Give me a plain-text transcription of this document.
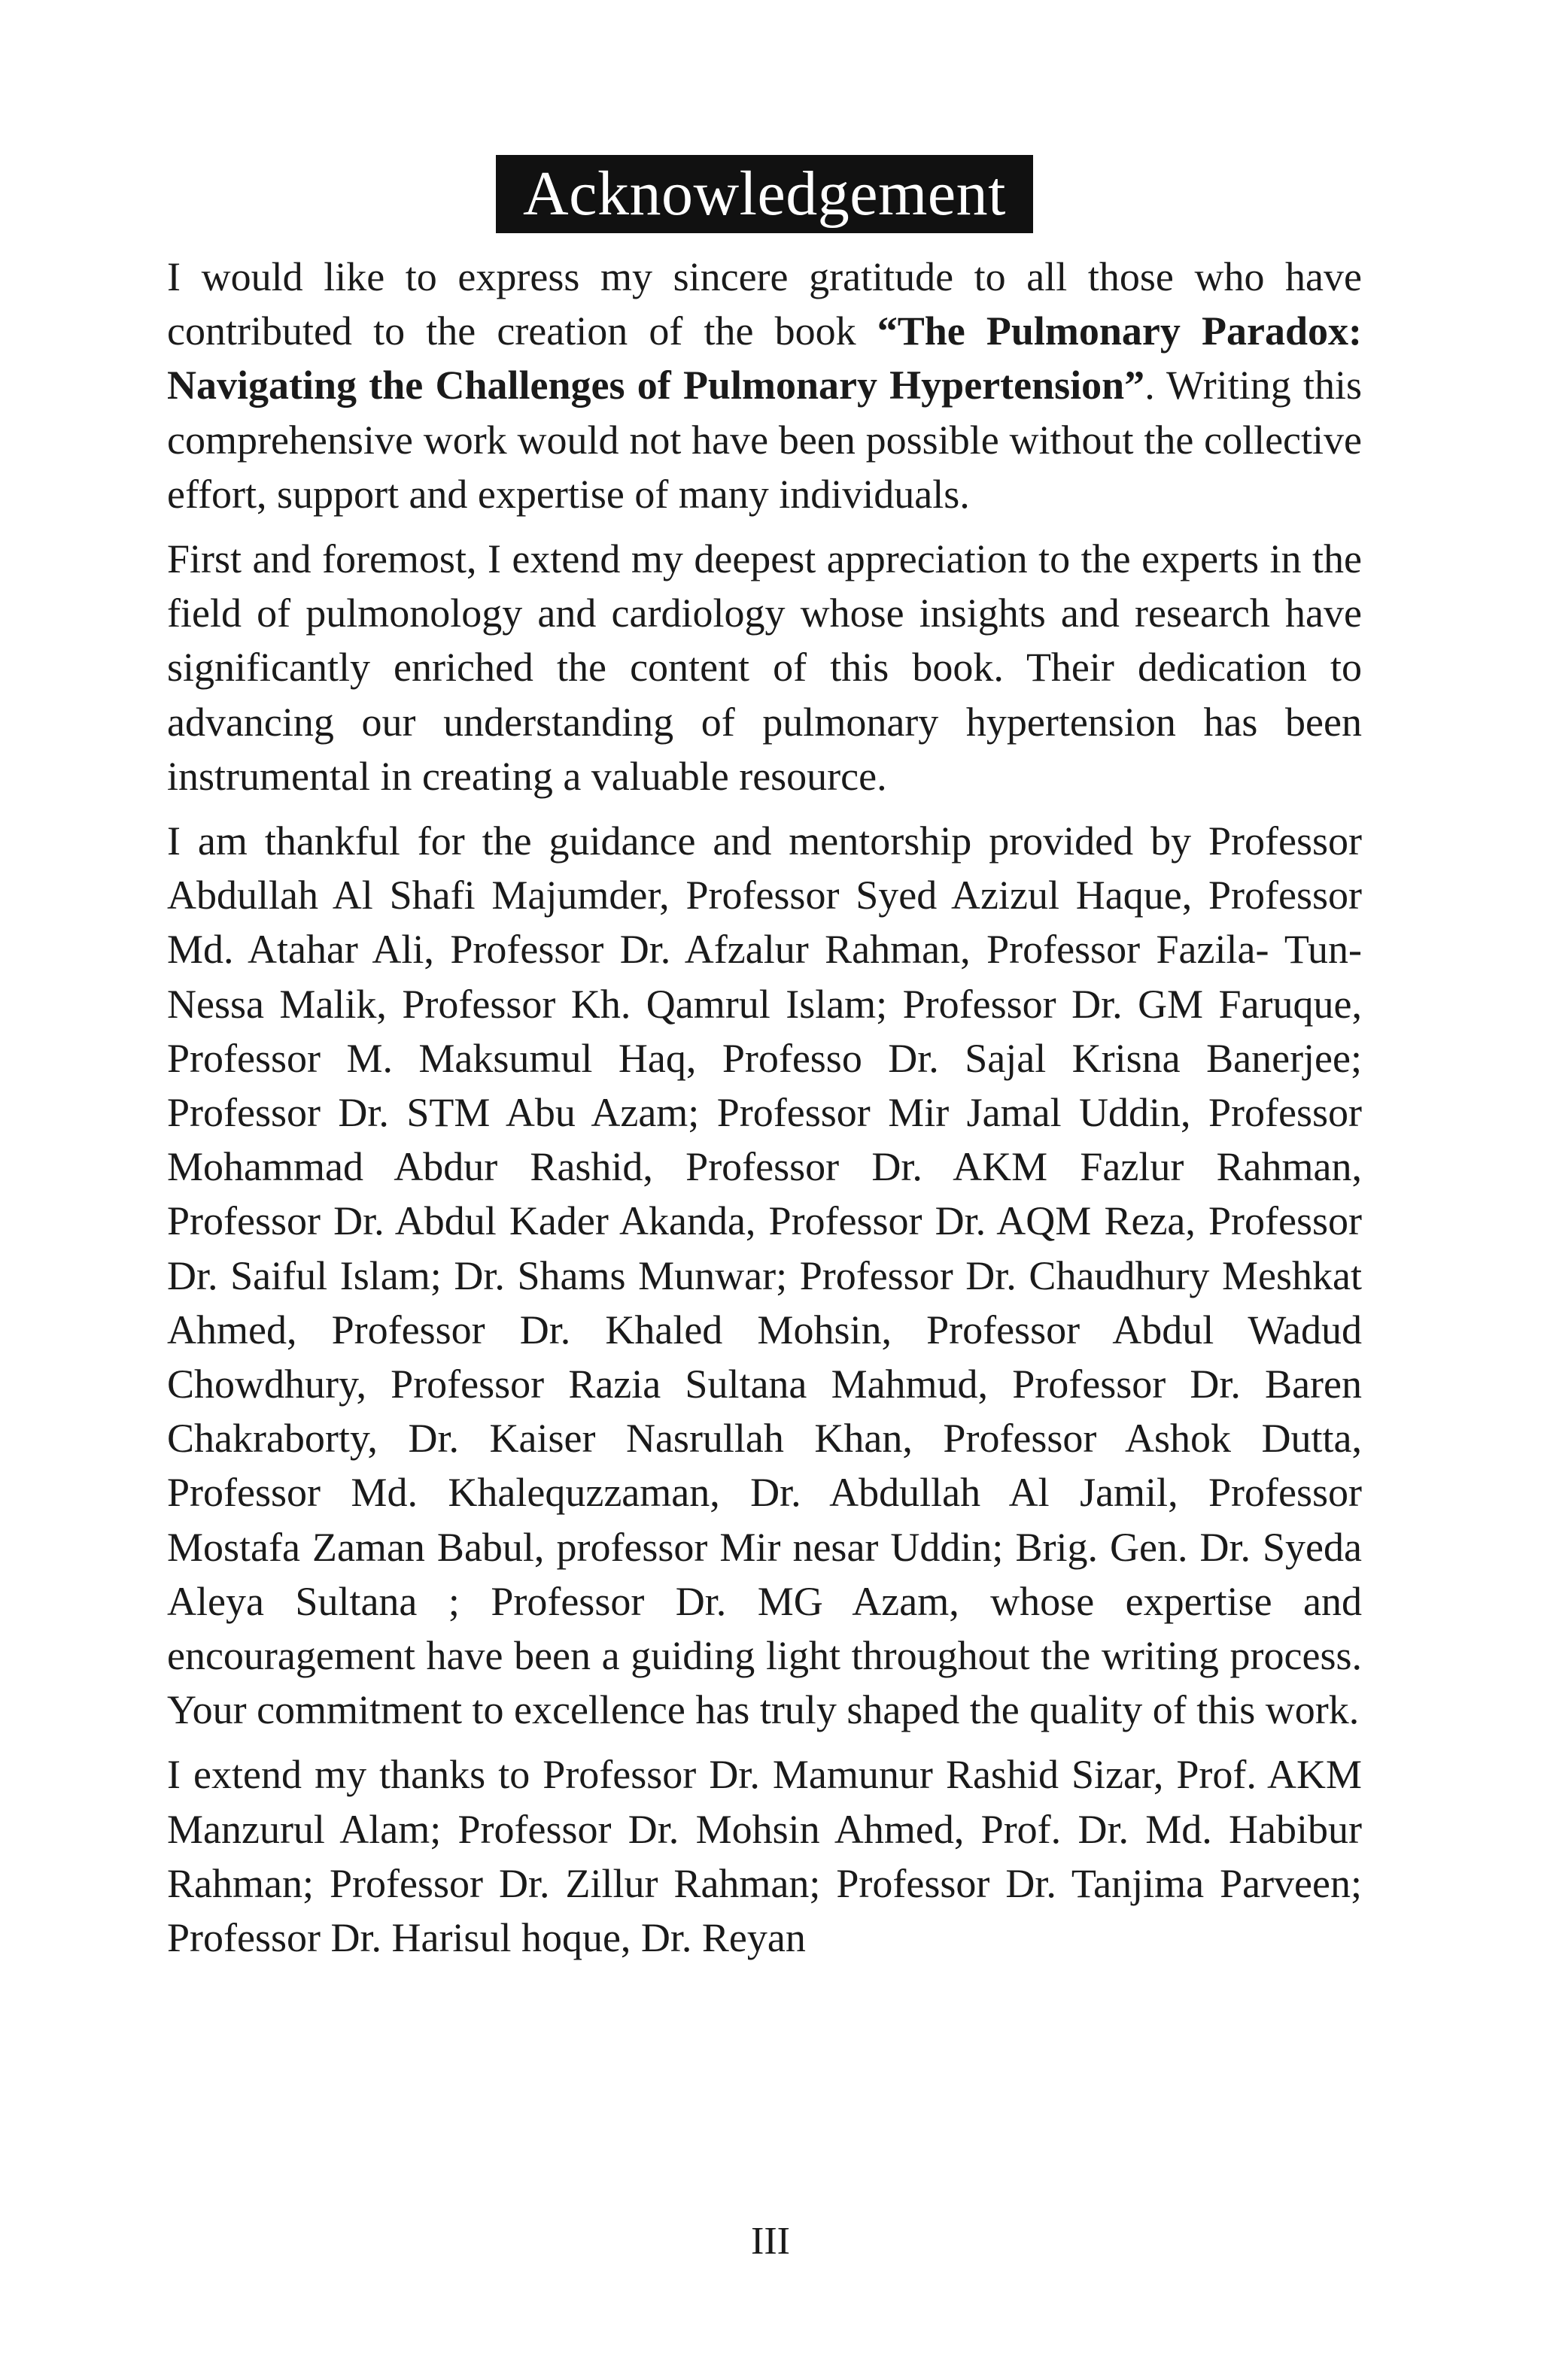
Acknowledgement

I would like to express my sincere gratitude to all those who have contributed to the creation of the book “The Pulmonary Paradox: Navigating the Challenges of Pulmonary Hypertension”. Writing this comprehensive work would not have been possible without the collective effort, support and expertise of many individuals.

First and foremost, I extend my deepest appreciation to the experts in the field of pulmonology and cardiology whose insights and research have significantly enriched the content of this book. Their dedication to advancing our understanding of pulmonary hypertension has been instrumental in creating a valuable resource.

I am thankful for the guidance and mentorship provided by Professor Abdullah Al Shafi Majumder, Professor Syed Azizul Haque, Professor Md. Atahar Ali, Professor Dr. Afzalur Rahman, Professor Fazila- Tun- Nessa Malik, Professor Kh. Qamrul Islam; Professor Dr. GM Faruque, Professor M. Maksumul Haq, Professo Dr. Sajal Krisna Banerjee; Professor Dr. STM Abu Azam; Professor Mir Jamal Uddin, Professor Mohammad Abdur Rashid, Professor Dr. AKM Fazlur Rahman, Professor Dr. Abdul Kader Akanda, Professor Dr. AQM Reza, Professor Dr. Saiful Islam; Dr. Shams Munwar; Professor Dr. Chaudhury Meshkat Ahmed, Professor Dr. Khaled Mohsin, Professor Abdul Wadud Chowdhury, Professor Razia Sultana Mahmud, Professor Dr. Baren Chakraborty, Dr. Kaiser Nasrullah Khan, Professor Ashok Dutta, Professor Md. Khalequzzaman, Dr. Abdullah Al Jamil, Professor Mostafa Zaman Babul, professor Mir nesar Uddin; Brig. Gen. Dr. Syeda Aleya Sultana ; Professor Dr. MG Azam, whose expertise and encouragement have been a guiding light throughout the writing process. Your commitment to excellence has truly shaped the quality of this work.

I extend my thanks to Professor Dr. Mamunur Rashid Sizar, Prof. AKM Manzurul Alam; Professor Dr. Mohsin Ahmed, Prof. Dr. Md. Habibur Rahman; Professor Dr. Zillur Rahman; Professor Dr. Tanjima Parveen; Professor Dr. Harisul hoque, Dr. Reyan

III
